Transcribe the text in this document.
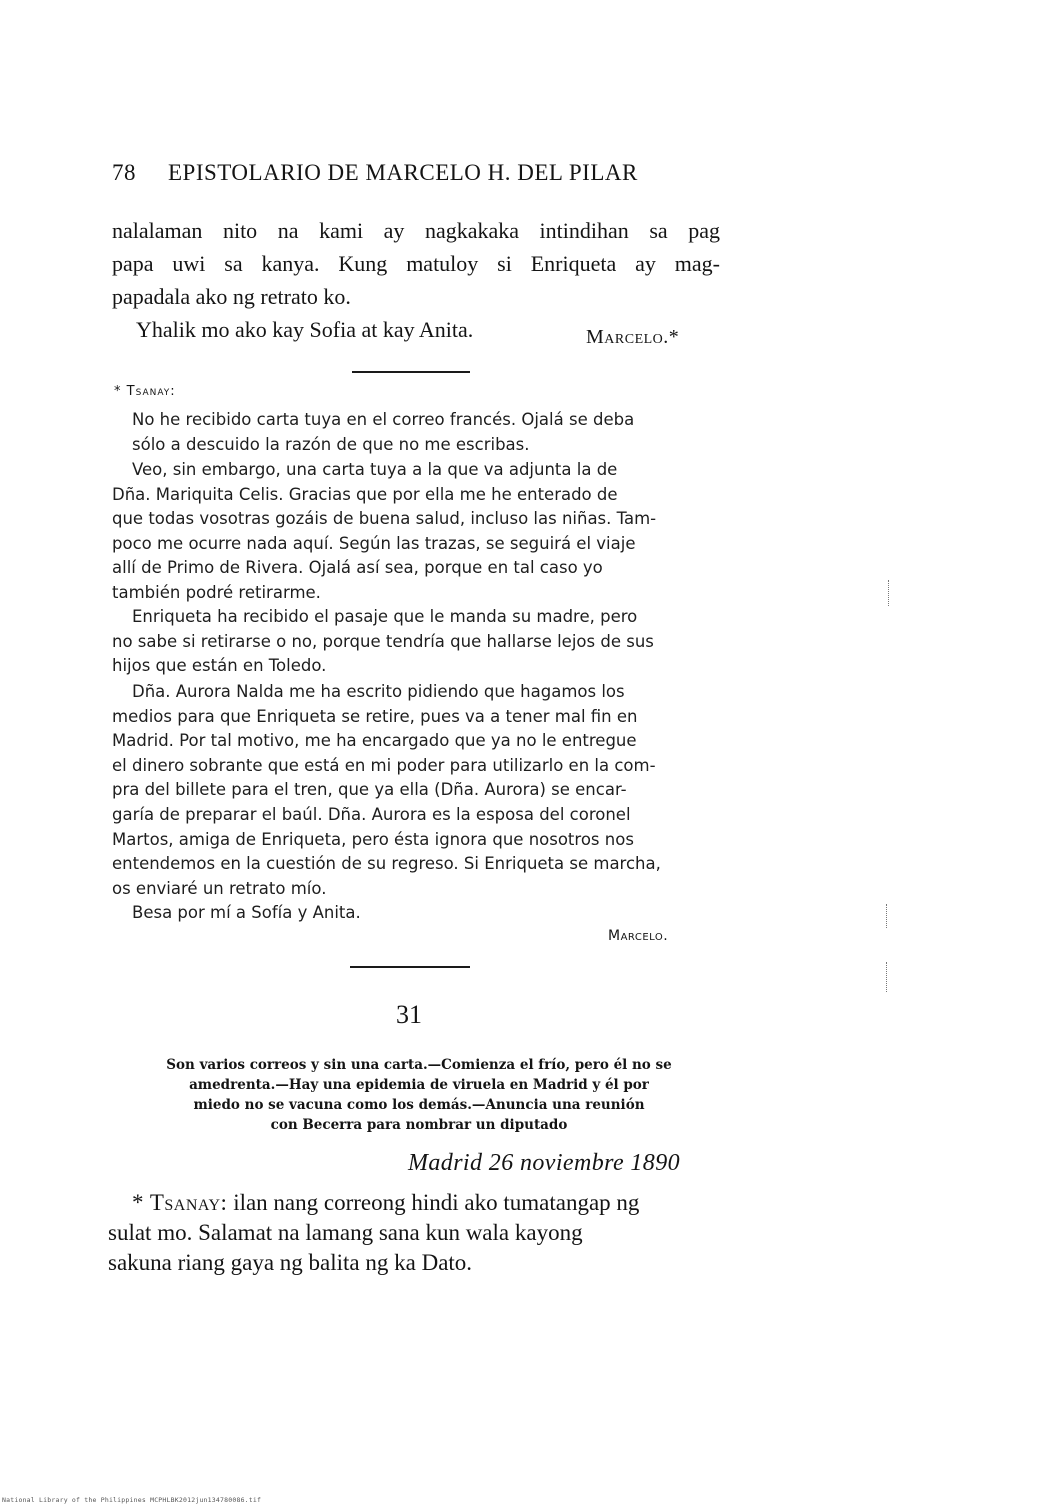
78 EPISTOLARIO DE MARCELO H. DEL PILAR
nalalaman nito na kami ay nagkakaka intindihan sa pag
papa uwi sa kanya. Kung matuloy si Enriqueta ay mag-
papadala ako ng retrato ko.
Yhalik mo ako kay Sofia at kay Anita.	Marcelo.*
* Tsanay:
No he recibido carta tuya en el correo francés. Ojalá se deba
sólo a descuido la razón de que no me escribas.
Veo, sin embargo, una carta tuya a la que va adjunta la de
Dña. Mariquita Celis. Gracias que por ella me he enterado de
que todas vosotras gozáis de buena salud, incluso las niñas. Tam-
poco me ocurre nada aquí. Según las trazas, se seguirá el viaje
allí de Primo de Rivera. Ojalá así sea, porque en tal caso yo
también podré retirarme.
Enriqueta ha recibido el pasaje que le manda su madre, pero
no sabe si retirarse o no, porque tendría que hallarse lejos de sus
hijos que están en Toledo.
Dña. Aurora Nalda me ha escrito pidiendo que hagamos los
medios para que Enriqueta se retire, pues va a tener mal fin en
Madrid. Por tal motivo, me ha encargado que ya no le entregue
el dinero sobrante que está en mi poder para utilizarlo en la com-
pra del billete para el tren, que ya ella (Dña. Aurora) se encar-
garía de preparar el baúl. Dña. Aurora es la esposa del coronel
Martos, amiga de Enriqueta, pero ésta ignora que nosotros nos
entendemos en la cuestión de su regreso. Si Enriqueta se marcha,
os enviaré un retrato mío.
Besa por mí a Sofía y Anita.
Marcelo.
31
Son varios correos y sin una carta.—Comienza el frío, pero él no se
amedrenta.—Hay una epidemia de viruela en Madrid y él por
miedo no se vacuna como los demás.—Anuncia una reunión
con Becerra para nombrar un diputado
Madrid 26 noviembre 1890
* Tsanay: ilan nang correong hindi ako tumatangap ng
sulat mo. Salamat na lamang sana kun wala kayong
sakuna riang gaya ng balita ng ka Dato.
National Library of the Philippines MCPHLBK2012jun134780086.tif
